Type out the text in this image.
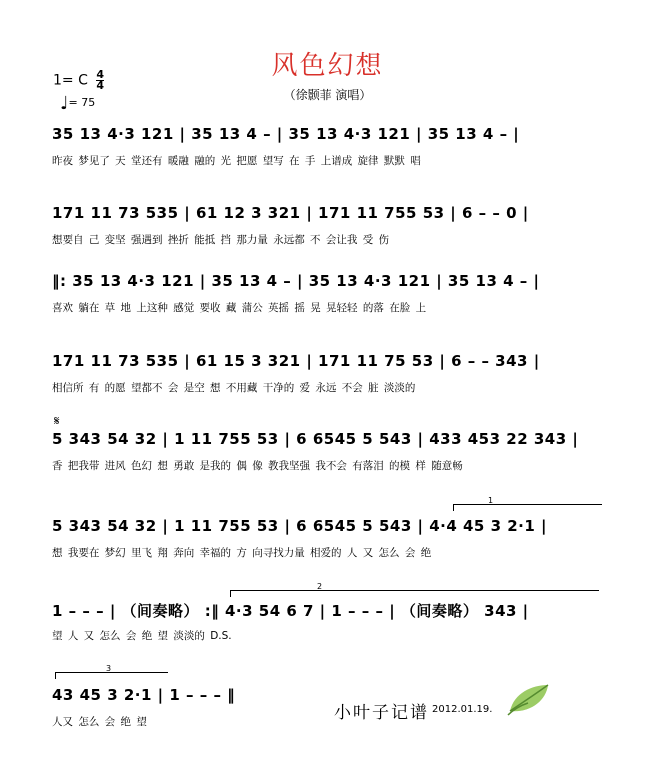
风色幻想
（徐颢菲 演唱）
1= C $\frac{4}{4}$
♩= 75
35 13 4·3 121 | 35 13 4 – | 35 13 4·3 121 | 35 13 4 – |
昨夜 梦见了 天 堂还有 暖融 融的 光 把愿 望写 在 手 上谱成 旋律 默默 唱
171 11 73 535 | 61 12 3 321 | 171 11 755 53 | 6 – – 0 |
想要自 己 变坚 强遇到 挫折 能抵 挡 那力量 永远都 不 会让我 受 伤
‖: 35 13 4·3 121 | 35 13 4 – | 35 13 4·3 121 | 35 13 4 – |
喜欢 躺在 草 地 上这种 感觉 要收 藏 蒲公 英摇 摇 晃 晃轻轻 的落 在脸 上
171 11 73 535 | 61 15 3 321 | 171 11 75 53 | 6 – – 343 |
相信所 有 的愿 望都不 会 是空 想 不用藏 干净的 爱 永远 不会 脏 淡淡的
𝄋
5 343 54 32 | 1 11 755 53 | 6 6545 5 543 | 433 453 22 343 |
香 把我带 进风 色幻 想 勇敢 是我的 偶 像 教我坚强 我不会 有落泪 的模 样 随意畅
1
5 343 54 32 | 1 11 755 53 | 6 6545 5 543 | 4·4 45 3 2·1 |
想 我要在 梦幻 里飞 翔 奔向 幸福的 方 向寻找力量 相爱的 人 又 怎么 会 绝
2
1 – – – | （间奏略） :‖ 4·3 54 6 7 | 1 – – – | （间奏略） 343 |
望 人 又 怎么 会 绝 望 淡淡的 D.S.
3
43 45 3 2·1 | 1 – – – ‖
人又 怎么 会 绝 望	小叶子记谱 2012.01.19.
